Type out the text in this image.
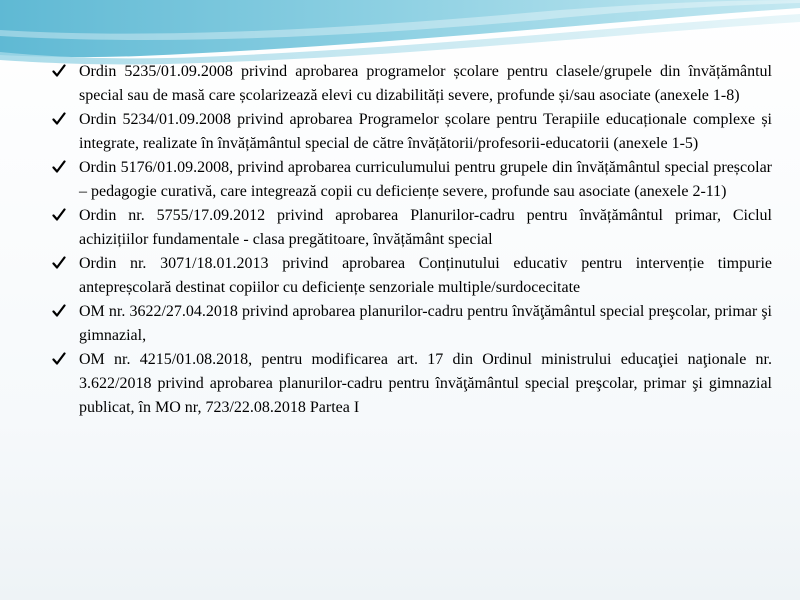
Ordin 5235/01.09.2008 privind aprobarea programelor școlare pentru clasele/grupele din învățământul special sau de masă care școlarizează elevi cu dizabilități severe, profunde și/sau asociate (anexele 1-8)
Ordin 5234/01.09.2008 privind aprobarea Programelor școlare pentru Terapiile educaționale complexe și integrate, realizate în învățământul special de către învățătorii/profesorii-educatorii (anexele 1-5)
Ordin 5176/01.09.2008, privind aprobarea curriculumului pentru grupele din învățământul special preșcolar – pedagogie curativă, care integrează copii cu deficiențe severe, profunde sau asociate (anexele 2-11)
Ordin nr. 5755/17.09.2012 privind aprobarea Planurilor-cadru pentru învățământul primar, Ciclul achizițiilor fundamentale - clasa pregătitoare, învățământ special
Ordin nr. 3071/18.01.2013 privind aprobarea Conținutului educativ pentru intervenție timpurie antepreșcolară destinat copiilor cu deficiențe senzoriale multiple/surdocecitate
OM nr. 3622/27.04.2018 privind aprobarea planurilor-cadru pentru învăţământul special preşcolar, primar şi gimnazial,
OM nr. 4215/01.08.2018, pentru modificarea art. 17 din Ordinul ministrului educaţiei naţionale nr. 3.622/2018 privind aprobarea planurilor-cadru pentru învăţământul special preşcolar, primar şi gimnazial publicat, în MO nr, 723/22.08.2018 Partea I
